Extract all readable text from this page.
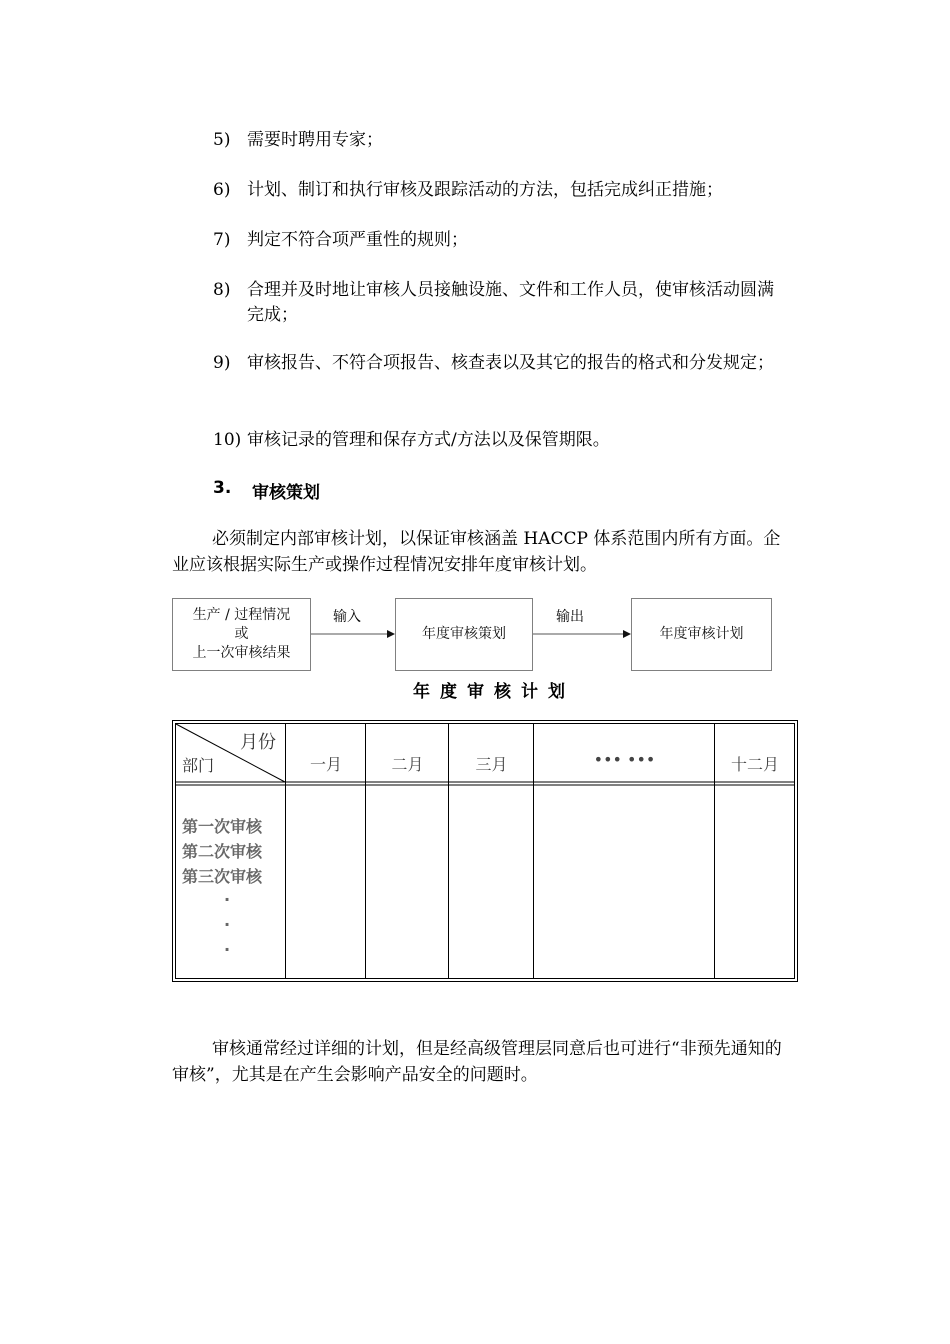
5) 需要时聘用专家；
6) 计划、制订和执行审核及跟踪活动的方法，包括完成纠正措施；
7) 判定不符合项严重性的规则；
8) 合理并及时地让审核人员接触设施、文件和工作人员，使审核活动圆满完成；
9) 审核报告、不符合项报告、核查表以及其它的报告的格式和分发规定；
10) 审核记录的管理和保存方式/方法以及保管期限。
3. 审核策划
必须制定内部审核计划，以保证审核涵盖 HACCP 体系范围内所有方面。企业应该根据实际生产或操作过程情况安排年度审核计划。
生产 / 过程情况
或
上一次审核结果
输入
年度审核策划
输出
年度审核计划
年度审核计划
月份
部门	一月	二月	三月	••• •••	十二月
第一次审核
第二次审核
第三次审核
.
.
.
审核通常经过详细的计划，但是经高级管理层同意后也可进行“非预先通知的审核”，尤其是在产生会影响产品安全的问题时。
